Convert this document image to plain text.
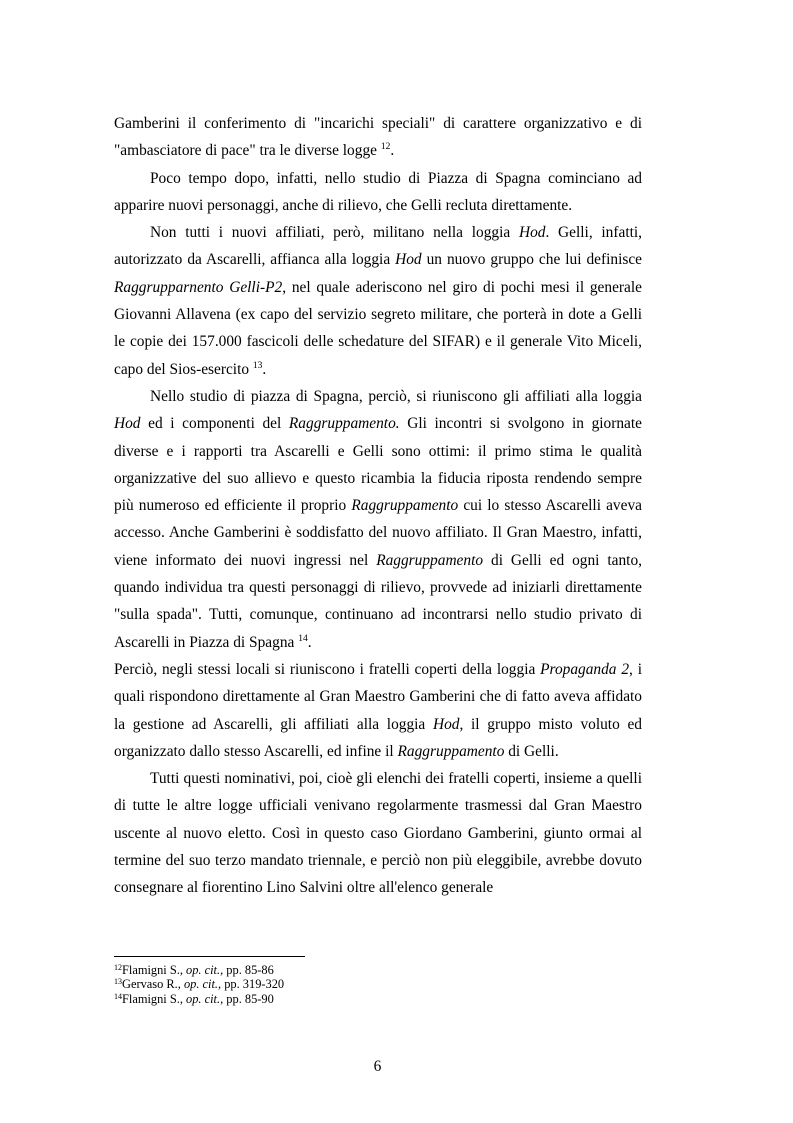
Gamberini il conferimento di "incarichi speciali" di carattere organizzativo e di "ambasciatore di pace" tra le diverse logge $^{12}$.

Poco tempo dopo, infatti, nello studio di Piazza di Spagna cominciano ad apparire nuovi personaggi, anche di rilievo, che Gelli recluta direttamente.

Non tutti i nuovi affiliati, però, militano nella loggia Hod. Gelli, infatti, autorizzato da Ascarelli, affianca alla loggia Hod un nuovo gruppo che lui definisce Raggrupparnento Gelli-P2, nel quale aderiscono nel giro di pochi mesi il generale Giovanni Allavena (ex capo del servizio segreto militare, che porterà in dote a Gelli le copie dei 157.000 fascicoli delle schedature del SIFAR) e il generale Vito Miceli, capo del Sios-esercito $^{13}$.

Nello studio di piazza di Spagna, perciò, si riuniscono gli affiliati alla loggia Hod ed i componenti del Raggruppamento. Gli incontri si svolgono in giornate diverse e i rapporti tra Ascarelli e Gelli sono ottimi: il primo stima le qualità organizzative del suo allievo e questo ricambia la fiducia riposta rendendo sempre più numeroso ed efficiente il proprio Raggruppamento cui lo stesso Ascarelli aveva accesso. Anche Gamberini è soddisfatto del nuovo affiliato. Il Gran Maestro, infatti, viene informato dei nuovi ingressi nel Raggruppamento di Gelli ed ogni tanto, quando individua tra questi personaggi di rilievo, provvede ad iniziarli direttamente "sulla spada". Tutti, comunque, continuano ad incontrarsi nello studio privato di Ascarelli in Piazza di Spagna $^{14}$.

Perciò, negli stessi locali si riuniscono i fratelli coperti della loggia Propaganda 2, i quali rispondono direttamente al Gran Maestro Gamberini che di fatto aveva affidato la gestione ad Ascarelli, gli affiliati alla loggia Hod, il gruppo misto voluto ed organizzato dallo stesso Ascarelli, ed infine il Raggruppamento di Gelli.

Tutti questi nominativi, poi, cioè gli elenchi dei fratelli coperti, insieme a quelli di tutte le altre logge ufficiali venivano regolarmente trasmessi dal Gran Maestro uscente al nuovo eletto. Così in questo caso Giordano Gamberini, giunto ormai al termine del suo terzo mandato triennale, e perciò non più eleggibile, avrebbe dovuto consegnare al fiorentino Lino Salvini oltre all'elenco generale

$^{12}$Flamigni S., op. cit., pp. 85-86

$^{13}$Gervaso R., op. cit., pp. 319-320

$^{14}$Flamigni S., op. cit., pp. 85-90

6
